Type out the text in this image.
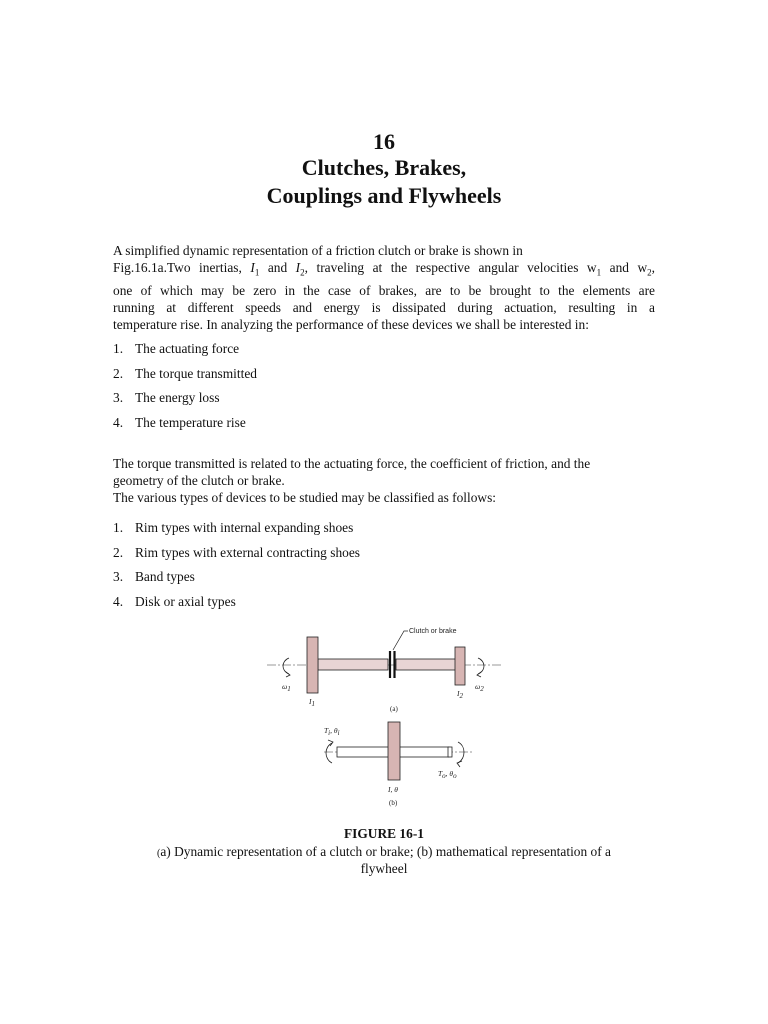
16
Clutches, Brakes,
Couplings and Flywheels
A simplified dynamic representation of a friction clutch or brake is shown in
Fig.16.1a.Two inertias, $I_1$ and $I_2$, traveling at the respective angular velocities $w_1$ and $w_2$,
one of which may be zero in the case of brakes, are to be brought to the elements are
running at different speeds and energy is dissipated during actuation, resulting in a
temperature rise. In analyzing the performance of these devices we shall be interested in:
1. The actuating force
2. The torque transmitted
3. The energy loss
4. The temperature rise
The torque transmitted is related to the actuating force, the coefficient of friction, and the
geometry of the clutch or brake.
The various types of devices to be studied may be classified as follows:
1. Rim types with internal expanding shoes
2. Rim types with external contracting shoes
3. Band types
4. Disk or axial types
Clutch or brake
ω1	ω2
I1
I2
(a)
Ti, θi
To, θo
I, θ
(b)
FIGURE 16-1
(a) Dynamic representation of a clutch or brake; (b) mathematical representation of a
flywheel
